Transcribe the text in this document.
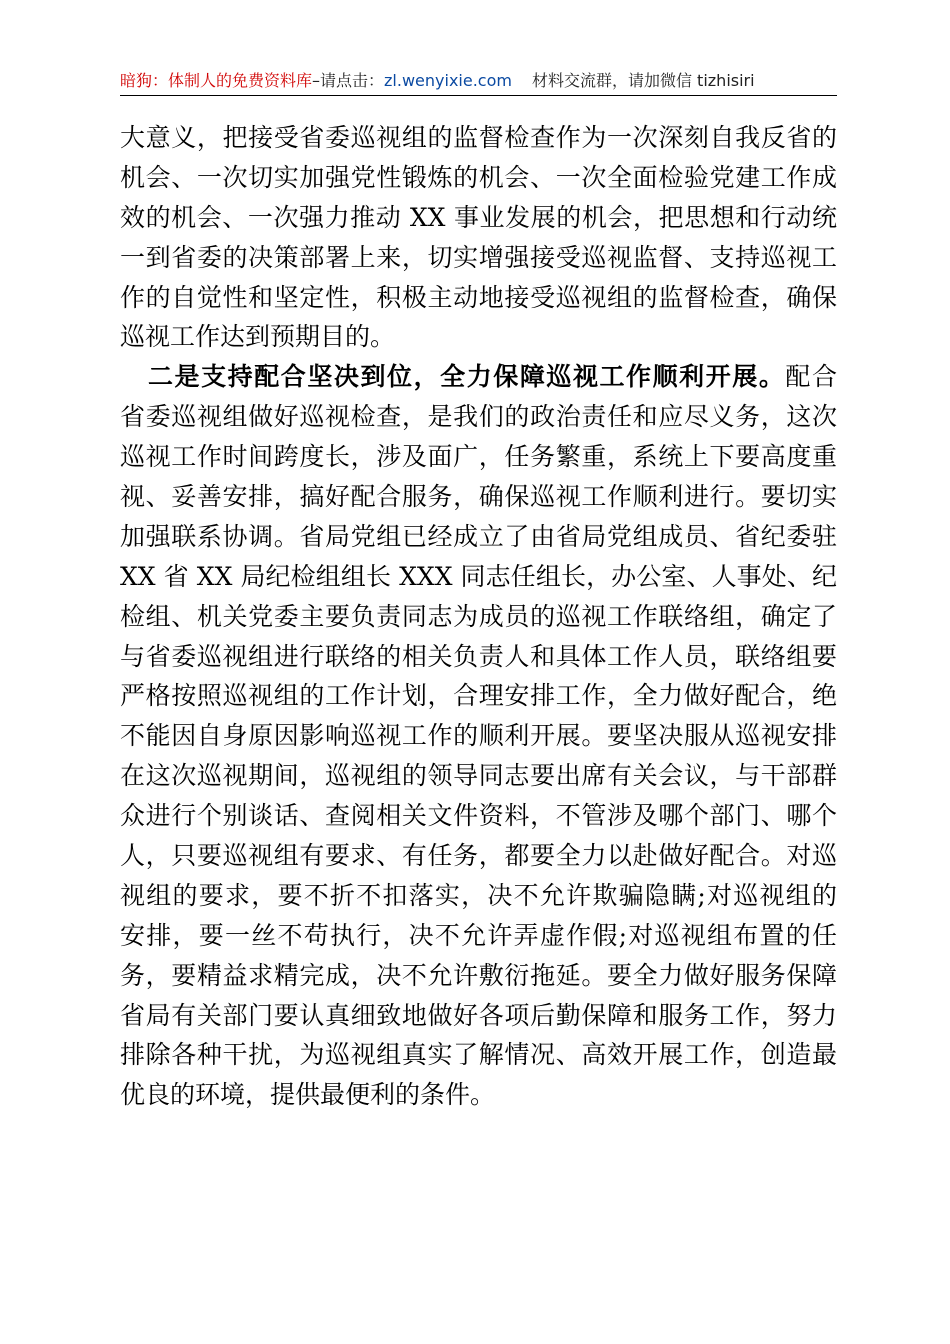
暗狗：体制人的免费资料库–请点击：zl.wenyixie.com 材料交流群，请加微信 tizhisiri
大意义，把接受省委巡视组的监督检查作为一次深刻自我反省的
机会、一次切实加强党性锻炼的机会、一次全面检验党建工作成
效的机会、一次强力推动 XX 事业发展的机会，把思想和行动统
一到省委的决策部署上来，切实增强接受巡视监督、支持巡视工
作的自觉性和坚定性，积极主动地接受巡视组的监督检查，确保
巡视工作达到预期目的。
二是支持配合坚决到位，全力保障巡视工作顺利开展。配合
省委巡视组做好巡视检查，是我们的政治责任和应尽义务，这次
巡视工作时间跨度长，涉及面广，任务繁重，系统上下要高度重
视、妥善安排，搞好配合服务，确保巡视工作顺利进行。要切实
加强联系协调。省局党组已经成立了由省局党组成员、省纪委驻
XX 省 XX 局纪检组组长 XXX 同志任组长，办公室、人事处、纪
检组、机关党委主要负责同志为成员的巡视工作联络组，确定了
与省委巡视组进行联络的相关负责人和具体工作人员，联络组要
严格按照巡视组的工作计划，合理安排工作，全力做好配合，绝
不能因自身原因影响巡视工作的顺利开展。要坚决服从巡视安排
在这次巡视期间，巡视组的领导同志要出席有关会议，与干部群
众进行个别谈话、查阅相关文件资料，不管涉及哪个部门、哪个
人，只要巡视组有要求、有任务，都要全力以赴做好配合。对巡
视组的要求，要不折不扣落实，决不允许欺骗隐瞒;对巡视组的
安排，要一丝不苟执行，决不允许弄虚作假;对巡视组布置的任
务，要精益求精完成，决不允许敷衍拖延。要全力做好服务保障
省局有关部门要认真细致地做好各项后勤保障和服务工作，努力
排除各种干扰，为巡视组真实了解情况、高效开展工作，创造最
优良的环境，提供最便利的条件。
